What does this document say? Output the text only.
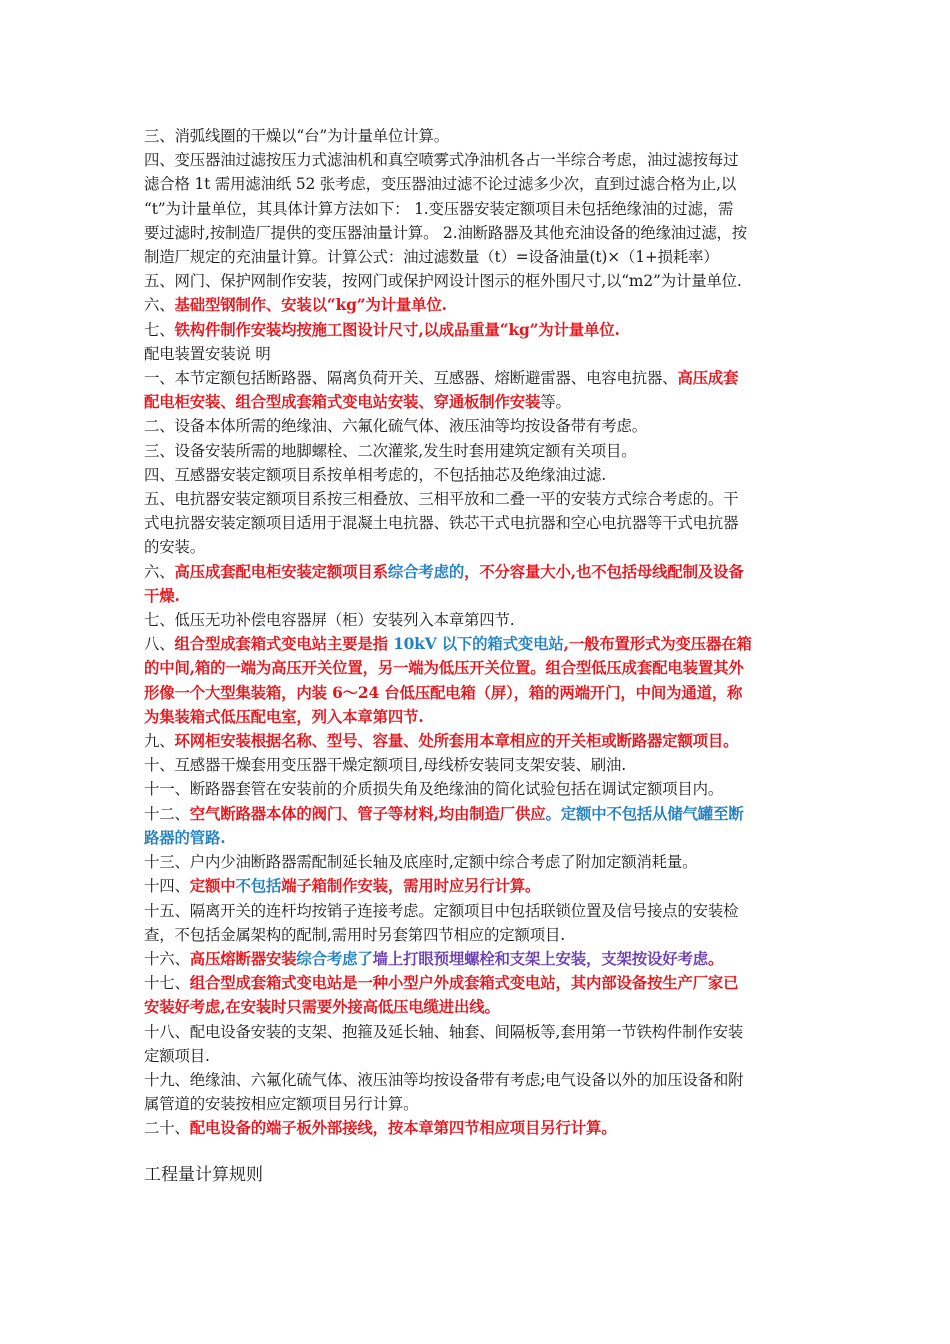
三、消弧线圈的干燥以“台”为计量单位计算。
四、变压器油过滤按压力式滤油机和真空喷雾式净油机各占一半综合考虑，油过滤按每过
滤合格 1t 需用滤油纸 52 张考虑，变压器油过滤不论过滤多少次，直到过滤合格为止,以
“t”为计量单位，其具体计算方法如下： 1.变压器安装定额项目未包括绝缘油的过滤，需
要过滤时,按制造厂提供的变压器油量计算。 2.油断路器及其他充油设备的绝缘油过滤，按
制造厂规定的充油量计算。计算公式：油过滤数量（t）=设备油量(t)×（1+损耗率）
五、网门、保护网制作安装，按网门或保护网设计图示的框外围尺寸,以“m2”为计量单位.
六、基础型钢制作、安装以“kg”为计量单位.
七、铁构件制作安装均按施工图设计尺寸,以成品重量“kg”为计量单位.
配电装置安装说 明
一、本节定额包括断路器、隔离负荷开关、互感器、熔断避雷器、电容电抗器、高压成套
配电柜安装、组合型成套箱式变电站安装、穿通板制作安装等。
二、设备本体所需的绝缘油、六氟化硫气体、液压油等均按设备带有考虑。
三、设备安装所需的地脚螺栓、二次灌浆,发生时套用建筑定额有关项目。
四、互感器安装定额项目系按单相考虑的，不包括抽芯及绝缘油过滤.
五、电抗器安装定额项目系按三相叠放、三相平放和二叠一平的安装方式综合考虑的。干
式电抗器安装定额项目适用于混凝土电抗器、铁芯干式电抗器和空心电抗器等干式电抗器
的安装。
六、高压成套配电柜安装定额项目系综合考虑的，不分容量大小,也不包括母线配制及设备
干燥.
七、低压无功补偿电容器屏（柜）安装列入本章第四节.
八、组合型成套箱式变电站主要是指 10kV 以下的箱式变电站,一般布置形式为变压器在箱
的中间,箱的一端为高压开关位置，另一端为低压开关位置。组合型低压成套配电装置其外
形像一个大型集装箱，内装 6～24 台低压配电箱（屏），箱的两端开门，中间为通道，称
为集装箱式低压配电室，列入本章第四节.
九、环网柜安装根据名称、型号、容量、处所套用本章相应的开关柜或断路器定额项目。
十、互感器干燥套用变压器干燥定额项目,母线桥安装同支架安装、刷油.
十一、断路器套管在安装前的介质损失角及绝缘油的简化试验包括在调试定额项目内。
十二、空气断路器本体的阀门、管子等材料,均由制造厂供应。定额中不包括从储气罐至断
路器的管路.
十三、户内少油断路器需配制延长轴及底座时,定额中综合考虑了附加定额消耗量。
十四、定额中不包括端子箱制作安装，需用时应另行计算。
十五、隔离开关的连杆均按销子连接考虑。定额项目中包括联锁位置及信号接点的安装检
查，不包括金属架构的配制,需用时另套第四节相应的定额项目.
十六、高压熔断器安装综合考虑了墙上打眼预埋螺栓和支架上安装，支架按设好考虑。
十七、组合型成套箱式变电站是一种小型户外成套箱式变电站，其内部设备按生产厂家已
安装好考虑,在安装时只需要外接高低压电缆进出线。
十八、配电设备安装的支架、抱箍及延长轴、轴套、间隔板等,套用第一节铁构件制作安装
定额项目.
十九、绝缘油、六氟化硫气体、液压油等均按设备带有考虑;电气设备以外的加压设备和附
属管道的安装按相应定额项目另行计算。
二十、配电设备的端子板外部接线，按本章第四节相应项目另行计算。
工程量计算规则
